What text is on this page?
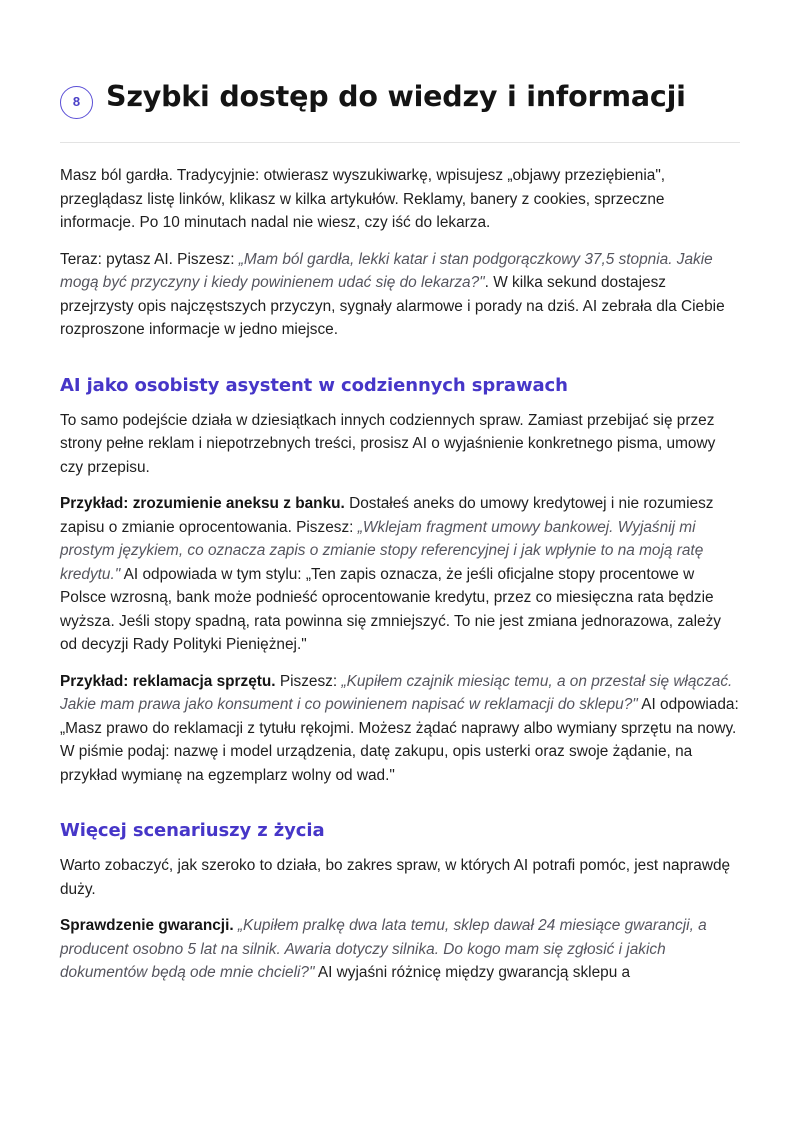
8 Szybki dostęp do wiedzy i informacji

Masz ból gardła. Tradycyjnie: otwierasz wyszukiwarkę, wpisujesz „objawy przeziębienia", przeglądasz listę linków, klikasz w kilka artykułów. Reklamy, banery z cookies, sprzeczne informacje. Po 10 minutach nadal nie wiesz, czy iść do lekarza.

Teraz: pytasz AI. Piszesz: „Mam ból gardła, lekki katar i stan podgorączkowy 37,5 stopnia. Jakie mogą być przyczyny i kiedy powinienem udać się do lekarza?". W kilka sekund dostajesz przejrzysty opis najczęstszych przyczyn, sygnały alarmowe i porady na dziś. AI zebrała dla Ciebie rozproszone informacje w jedno miejsce.

AI jako osobisty asystent w codziennych sprawach

To samo podejście działa w dziesiątkach innych codziennych spraw. Zamiast przebijać się przez strony pełne reklam i niepotrzebnych treści, prosisz AI o wyjaśnienie konkretnego pisma, umowy czy przepisu.

Przykład: zrozumienie aneksu z banku. Dostałeś aneks do umowy kredytowej i nie rozumiesz zapisu o zmianie oprocentowania. Piszesz: „Wklejam fragment umowy bankowej. Wyjaśnij mi prostym językiem, co oznacza zapis o zmianie stopy referencyjnej i jak wpłynie to na moją ratę kredytu." AI odpowiada w tym stylu: „Ten zapis oznacza, że jeśli oficjalne stopy procentowe w Polsce wzrosną, bank może podnieść oprocentowanie kredytu, przez co miesięczna rata będzie wyższa. Jeśli stopy spadną, rata powinna się zmniejszyć. To nie jest zmiana jednorazowa, zależy od decyzji Rady Polityki Pieniężnej."

Przykład: reklamacja sprzętu. Piszesz: „Kupiłem czajnik miesiąc temu, a on przestał się włączać. Jakie mam prawa jako konsument i co powinienem napisać w reklamacji do sklepu?" AI odpowiada: „Masz prawo do reklamacji z tytułu rękojmi. Możesz żądać naprawy albo wymiany sprzętu na nowy. W piśmie podaj: nazwę i model urządzenia, datę zakupu, opis usterki oraz swoje żądanie, na przykład wymianę na egzemplarz wolny od wad."

Więcej scenariuszy z życia

Warto zobaczyć, jak szeroko to działa, bo zakres spraw, w których AI potrafi pomóc, jest naprawdę duży.

Sprawdzenie gwarancji. „Kupiłem pralkę dwa lata temu, sklep dawał 24 miesiące gwarancji, a producent osobno 5 lat na silnik. Awaria dotyczy silnika. Do kogo mam się zgłosić i jakich dokumentów będą ode mnie chcieli?" AI wyjaśni różnicę między gwarancją sklepu a
